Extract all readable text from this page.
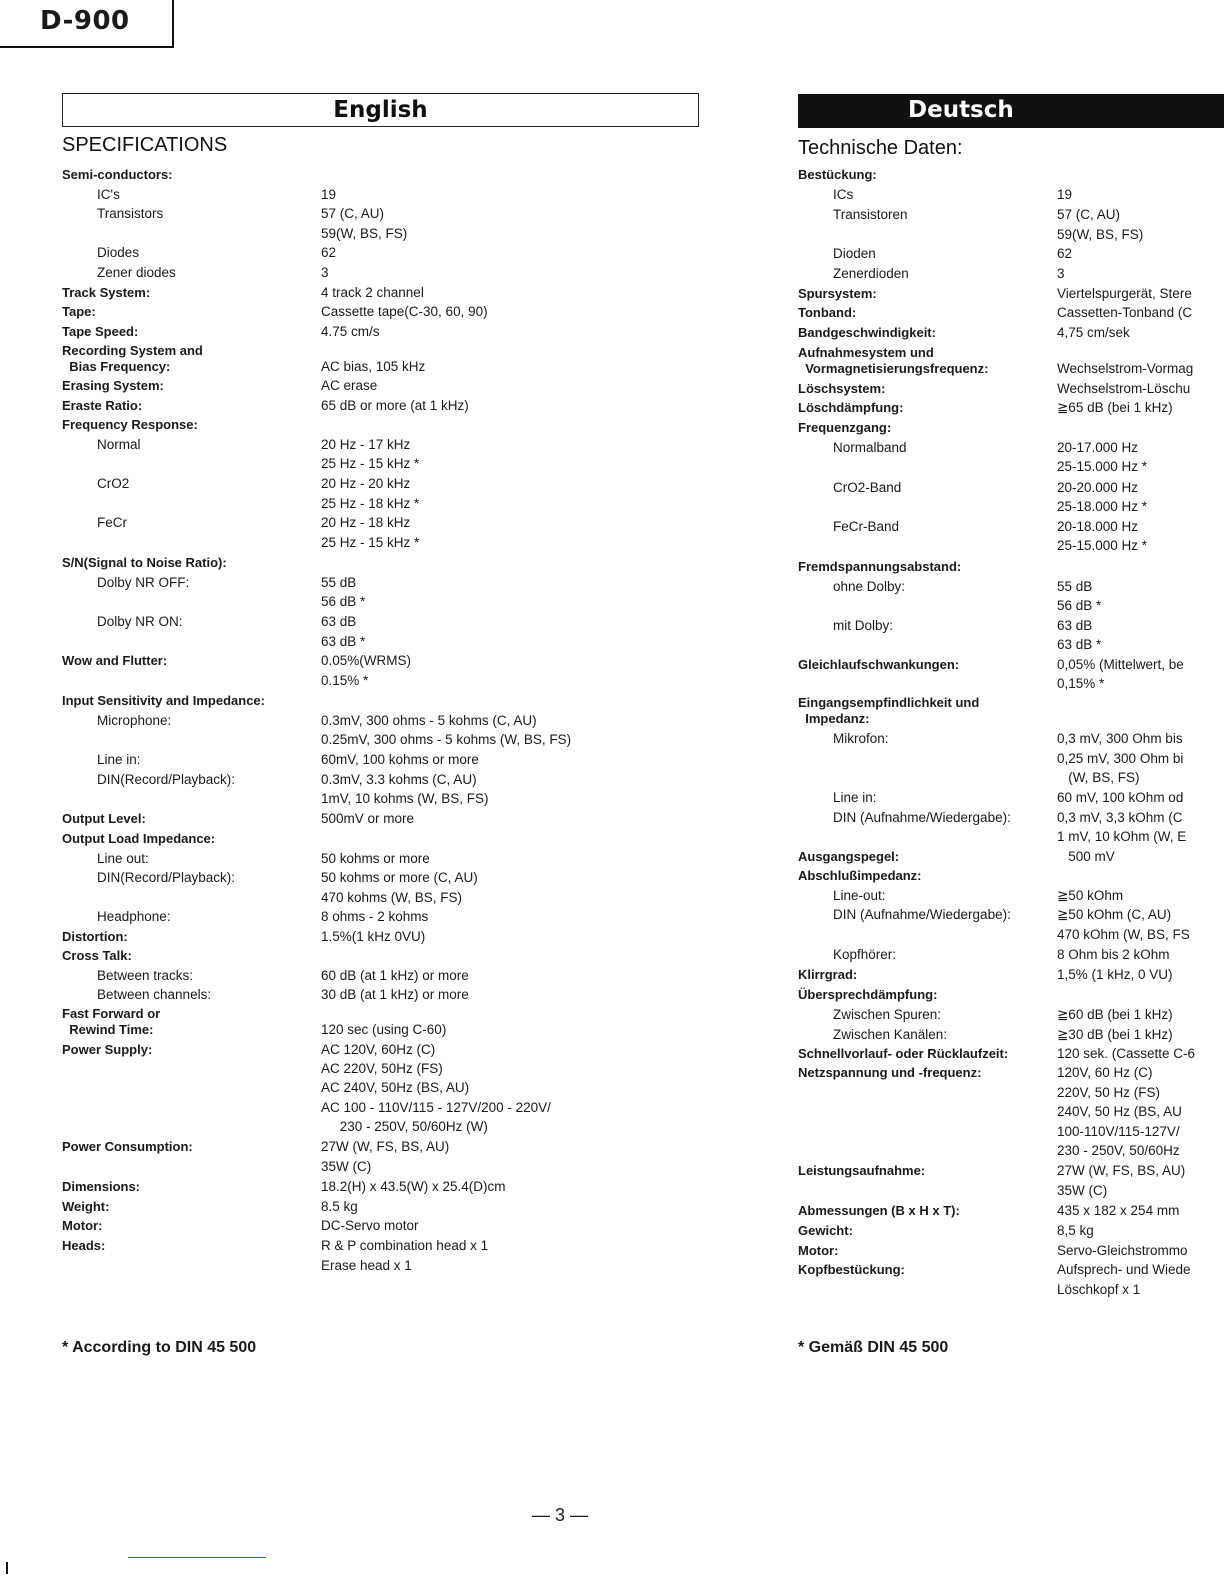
D-900
English	Deutsch
SPECIFICATIONS	Technische Daten:
Semi-conductors:
IC's	19
Transistors	57 (C, AU)
59(W, BS, FS)
Diodes	62
Zener diodes	3
Track System:	4 track 2 channel
Tape:	Cassette tape(C-30, 60, 90)
Tape Speed:	4.75 cm/s
Recording System and
Bias Frequency:	AC bias, 105 kHz
Erasing System:	AC erase
Eraste Ratio:	65 dB or more (at 1 kHz)
Frequency Response:
Normal	20 Hz - 17 kHz
25 Hz - 15 kHz *
CrO2	20 Hz - 20 kHz
25 Hz - 18 kHz *
FeCr	20 Hz - 18 kHz
25 Hz - 15 kHz *
S/N(Signal to Noise Ratio):
Dolby NR OFF:	55 dB
56 dB *
Dolby NR ON:	63 dB
63 dB *
Wow and Flutter:	0.05%(WRMS)
0.15% *
Input Sensitivity and Impedance:
Microphone:	0.3mV, 300 ohms - 5 kohms (C, AU)
0.25mV, 300 ohms - 5 kohms (W, BS, FS)
Line in:	60mV, 100 kohms or more
DIN(Record/Playback):	0.3mV, 3.3 kohms (C, AU)
1mV, 10 kohms (W, BS, FS)
Output Level:	500mV or more
Output Load Impedance:
Line out:	50 kohms or more
DIN(Record/Playback):	50 kohms or more (C, AU)
470 kohms (W, BS, FS)
Headphone:	8 ohms - 2 kohms
Distortion:	1.5%(1 kHz 0VU)
Cross Talk:
Between tracks:	60 dB (at 1 kHz) or more
Between channels:	30 dB (at 1 kHz) or more
Fast Forward or
Rewind Time:	120 sec (using C-60)
Power Supply:	AC 120V, 60Hz (C)
AC 220V, 50Hz (FS)
AC 240V, 50Hz (BS, AU)
AC 100 - 110V/115 - 127V/200 - 220V/
230 - 250V, 50/60Hz (W)
Power Consumption:	27W (W, FS, BS, AU)
35W (C)
Dimensions:	18.2(H) x 43.5(W) x 25.4(D)cm
Weight:	8.5 kg
Motor:	DC-Servo motor
Heads:	R & P combination head x 1
Erase head x 1
Bestückung:
ICs	19
Transistoren	57 (C, AU)
59(W, BS, FS)
Dioden	62
Zenerdioden	3
Spursystem:	Viertelspurgerät, Stere
Tonband:	Cassetten-Tonband (C
Bandgeschwindigkeit:	4,75 cm/sek
Aufnahmesystem und
Vormagnetisierungsfrequenz:	Wechselstrom-Vormag
Löschsystem:	Wechselstrom-Löschu
Löschdämpfung:	≧65 dB (bei 1 kHz)
Frequenzgang:
Normalband	20-17.000 Hz
25-15.000 Hz *
CrO2-Band	20-20.000 Hz
25-18.000 Hz *
FeCr-Band	20-18.000 Hz
25-15.000 Hz *
Fremdspannungsabstand:
ohne Dolby:	55 dB
56 dB *
mit Dolby:	63 dB
63 dB *
Gleichlaufschwankungen:	0,05% (Mittelwert, be
0,15% *
Eingangsempfindlichkeit und
Impedanz:
Mikrofon:	0,3 mV, 300 Ohm bis
0,25 mV, 300 Ohm bi
(W, BS, FS)
Line in:	60 mV, 100 kOhm od
DIN (Aufnahme/Wiedergabe):	0,3 mV, 3,3 kOhm (C
1 mV, 10 kOhm (W, E
Ausgangspegel:	500 mV
Abschlußimpedanz:
Line-out:	≧50 kOhm
DIN (Aufnahme/Wiedergabe):	≧50 kOhm (C, AU)
470 kOhm (W, BS, FS
Kopfhörer:	8 Ohm bis 2 kOhm
Klirrgrad:	1,5% (1 kHz, 0 VU)
Übersprechdämpfung:
Zwischen Spuren:	≧60 dB (bei 1 kHz)
Zwischen Kanälen:	≧30 dB (bei 1 kHz)
Schnellvorlauf- oder Rücklaufzeit:	120 sek. (Cassette C-6
Netzspannung und -frequenz:	120V, 60 Hz (C)
220V, 50 Hz (FS)
240V, 50 Hz (BS, AU
100-110V/115-127V/
230 - 250V, 50/60Hz
Leistungsaufnahme:	27W (W, FS, BS, AU)
35W (C)
Abmessungen (B x H x T):	435 x 182 x 254 mm
Gewicht:	8,5 kg
Motor:	Servo-Gleichstrommo
Kopfbestückung:	Aufsprech- und Wiede
Löschkopf x 1
* According to DIN 45 500	* Gemäß DIN 45 500
— 3 —
